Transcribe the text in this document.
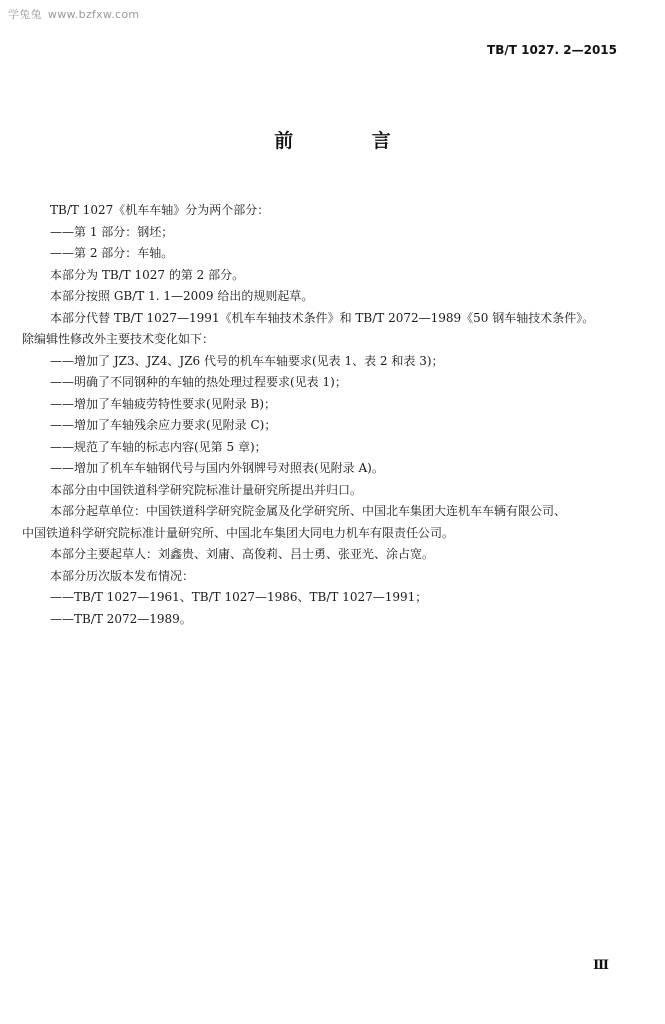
学兔兔 www.bzfxw.com
TB/T 1027. 2—2015
前 言

TB/T 1027《机车车轴》分为两个部分：

——第 1 部分：钢坯；

——第 2 部分：车轴。

本部分为 TB/T 1027 的第 2 部分。

本部分按照 GB/T 1. 1—2009 给出的规则起草。

本部分代替 TB/T 1027—1991《机车车轴技术条件》和 TB/T 2072—1989《50 钢车轴技术条件》。

除编辑性修改外主要技术变化如下：

——增加了 JZ3、JZ4、JZ6 代号的机车车轴要求(见表 1、表 2 和表 3)；

——明确了不同钢种的车轴的热处理过程要求(见表 1)；

——增加了车轴疲劳特性要求(见附录 B)；

——增加了车轴残余应力要求(见附录 C)；

——规范了车轴的标志内容(见第 5 章)；

——增加了机车车轴钢代号与国内外钢牌号对照表(见附录 A)。

本部分由中国铁道科学研究院标准计量研究所提出并归口。

本部分起草单位：中国铁道科学研究院金属及化学研究所、中国北车集团大连机车车辆有限公司、

中国铁道科学研究院标准计量研究所、中国北车集团大同电力机车有限责任公司。

本部分主要起草人：刘鑫贵、刘庸、高俊莉、吕士勇、张亚光、涂占宽。

本部分历次版本发布情况：

——TB/T 1027—1961、TB/T 1027—1986、TB/T 1027—1991；

——TB/T 2072—1989。

Ⅲ
